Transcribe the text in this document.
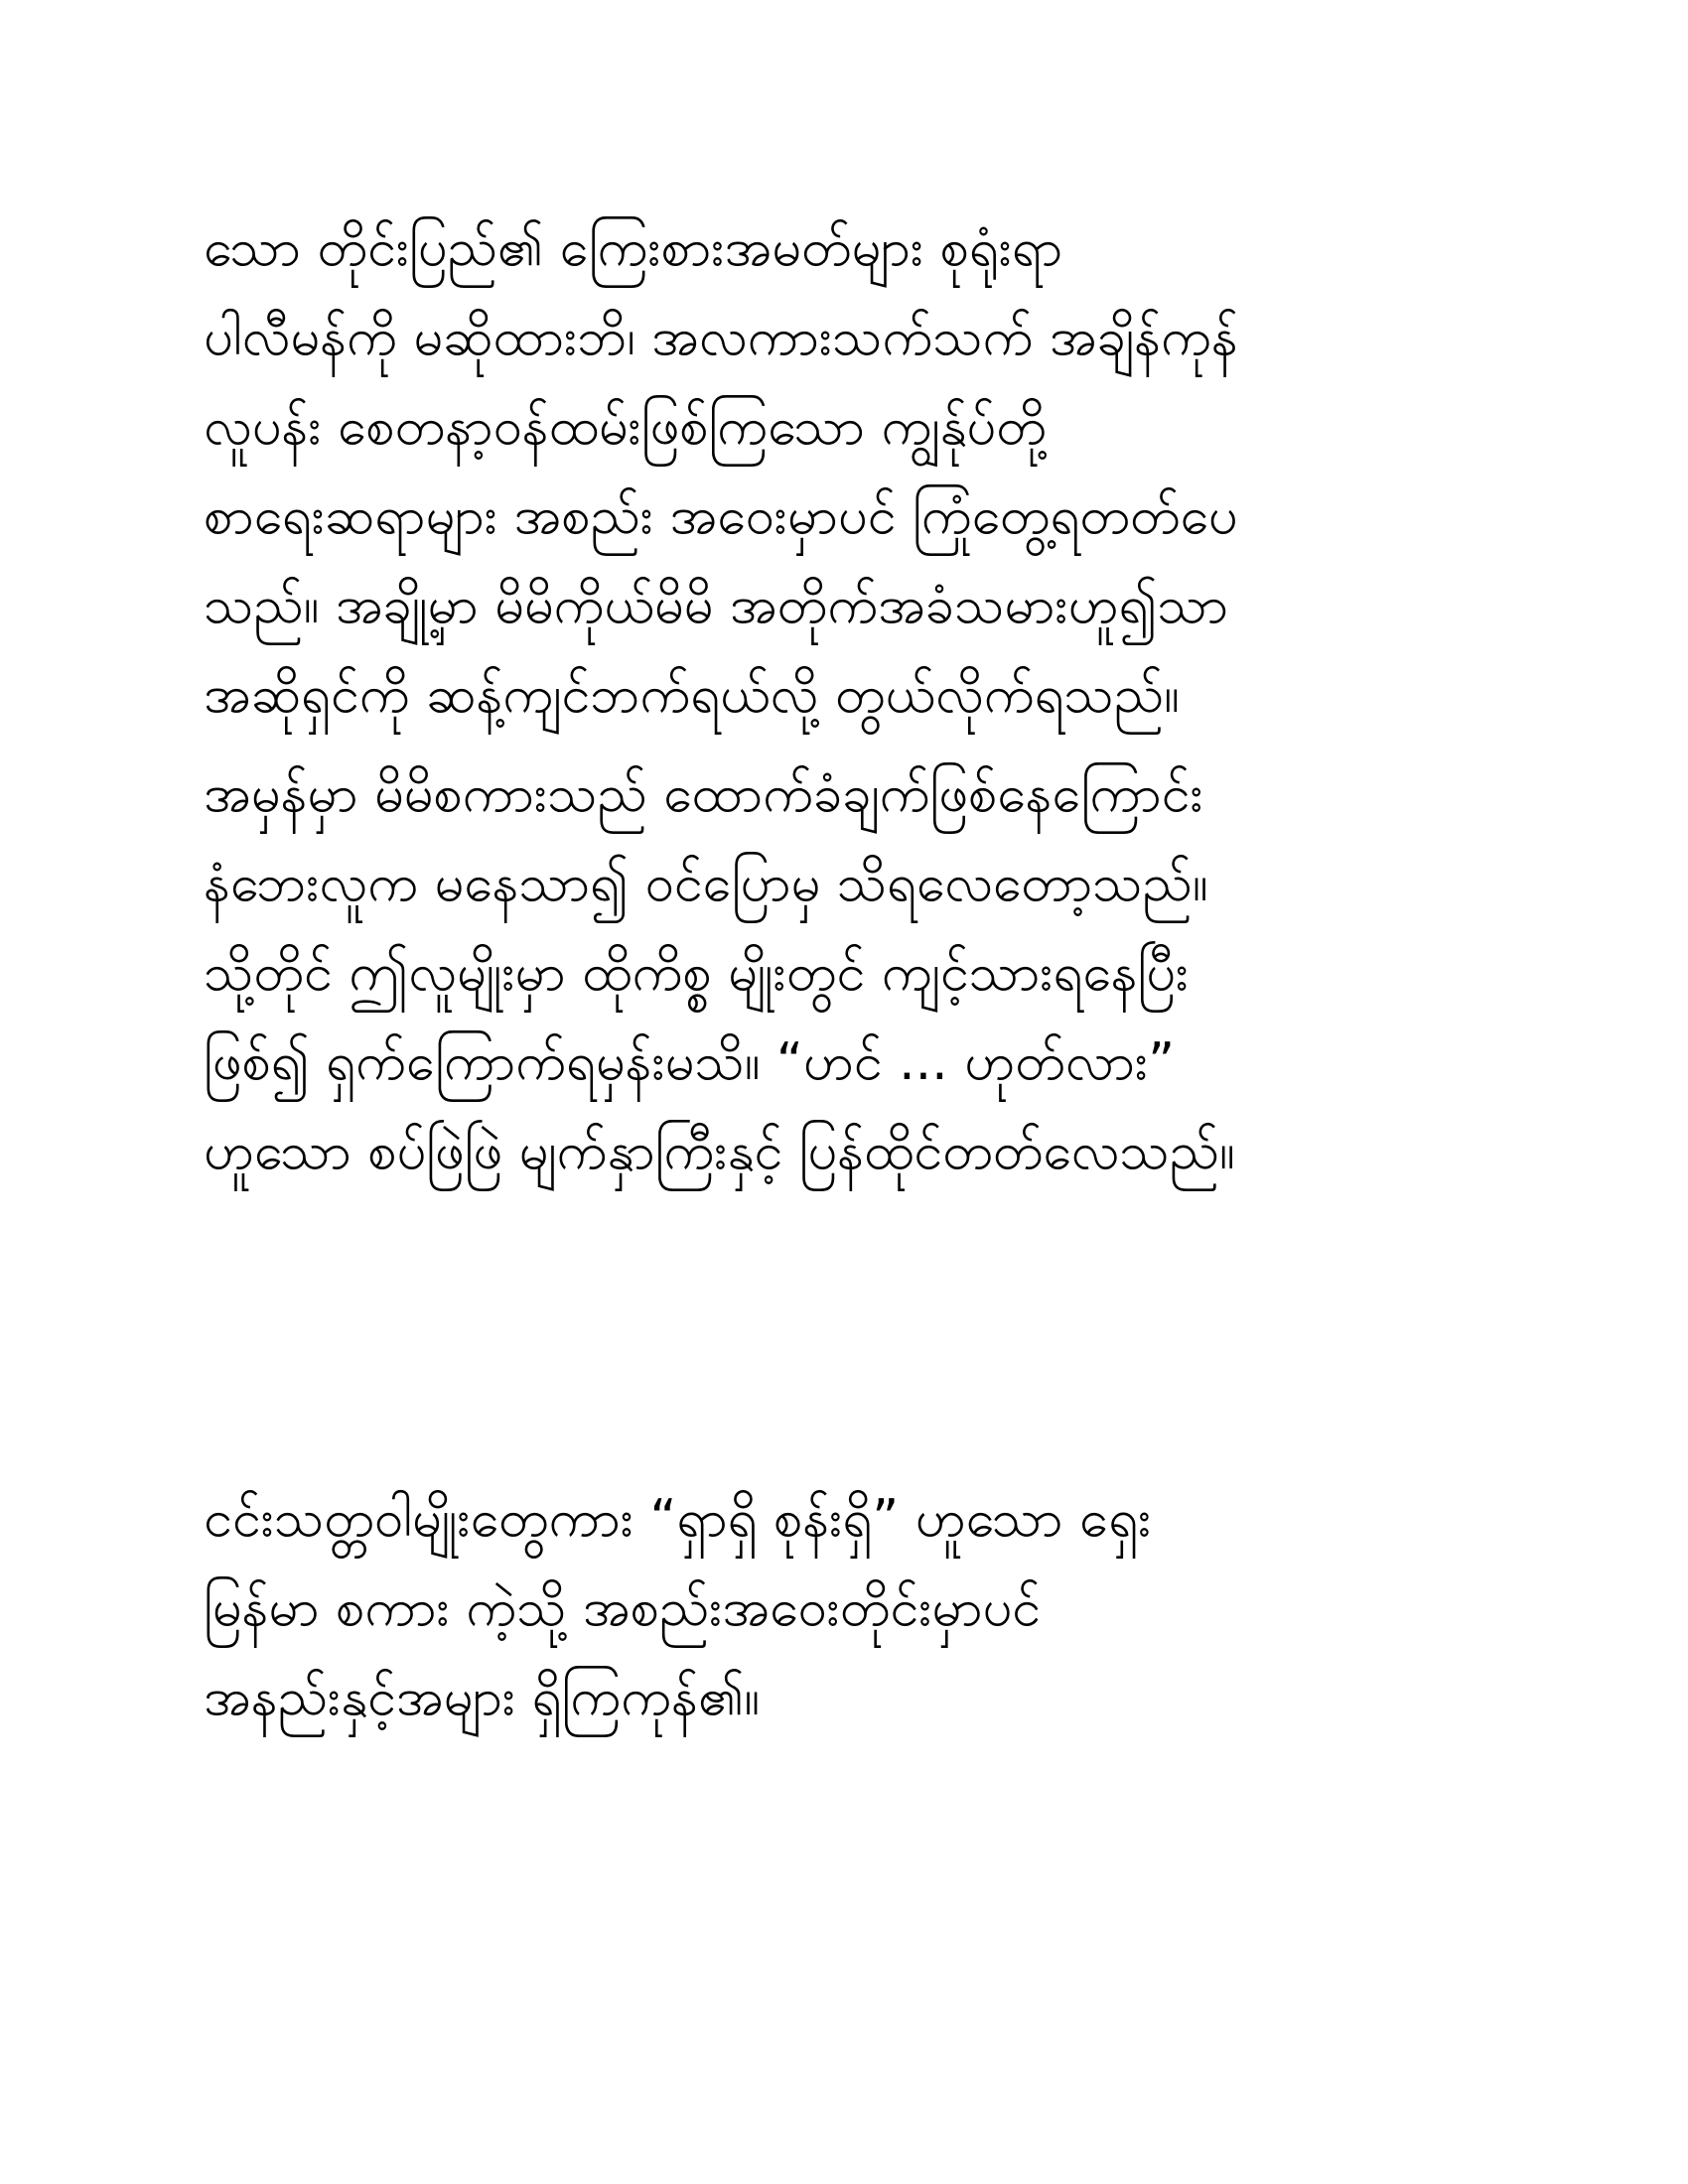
သော တိုင်းပြည်၏ ကြေးစားအမတ်များ စုရုံးရာ
ပါလီမန်ကို မဆိုထားဘိ၊ အလကားသက်သက် အချိန်ကုန်
လူပန်း စေတနာ့ဝန်ထမ်းဖြစ်ကြသော ကျွန်ုပ်တို့
စာရေးဆရာများ အစည်း အဝေးမှာပင် ကြုံတွေ့ရတတ်ပေ
သည်။ အချို့မှာ မိမိကိုယ်မိမိ အတိုက်အခံသမားဟူ၍သာ
အဆိုရှင်ကို ဆန့်ကျင်ဘက်ရယ်လို့ တွယ်လိုက်ရသည်။
အမှန်မှာ မိမိစကားသည် ထောက်ခံချက်ဖြစ်နေကြောင်း
နံဘေးလူက မနေသာ၍ ဝင်ပြောမှ သိရလေတော့သည်။
သို့တိုင် ဤလူမျိုးမှာ ထိုကိစ္စ မျိုးတွင် ကျင့်သားရနေပြီး
ဖြစ်၍ ရှက်ကြောက်ရမှန်းမသိ။ “ဟင် ... ဟုတ်လား”
ဟူသော စပ်ဖြဲဖြဲ မျက်နှာကြီးနှင့် ပြန်ထိုင်တတ်လေသည်။
ငင်းသတ္တဝါမျိုးတွေကား “ရှာရှိ စုန်းရှိ” ဟူသော ရှေး
မြန်မာ စကား ကဲ့သို့ အစည်းအဝေးတိုင်းမှာပင်
အနည်းနှင့်အများ ရှိကြကုန်၏။
